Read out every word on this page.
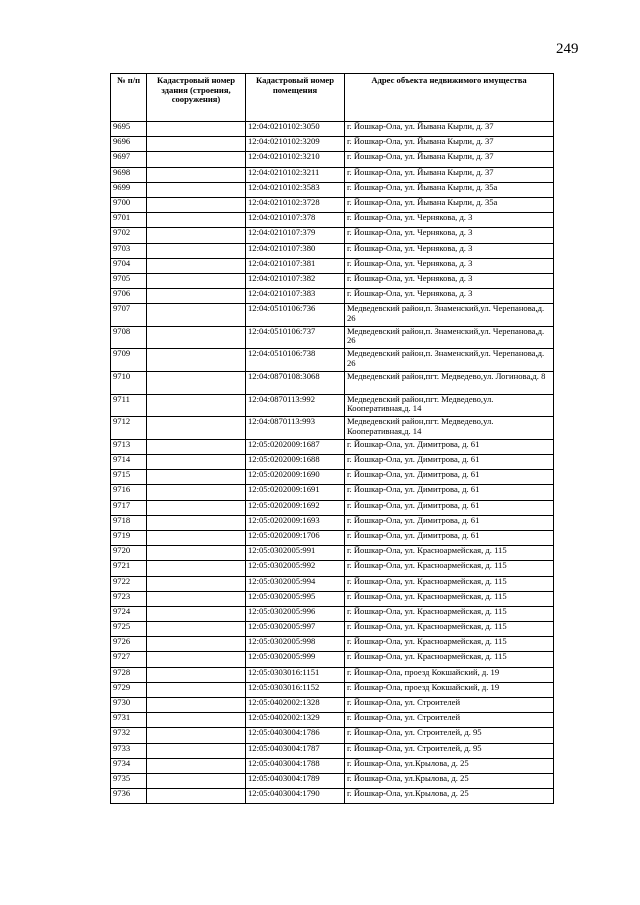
249
№ п/п	Кадастровый номер здания (строения, сооружения)	Кадастровый номер помещения	Адрес объекта недвижимого имущества
9695		12:04:0210102:3050	г. Йошкар-Ола, ул. Йывана Кырли, д. 37
9696		12:04:0210102:3209	г. Йошкар-Ола, ул. Йывана Кырли, д. 37
9697		12:04:0210102:3210	г. Йошкар-Ола, ул. Йывана Кырли, д. 37
9698		12:04:0210102:3211	г. Йошкар-Ола, ул. Йывана Кырли, д. 37
9699		12:04:0210102:3583	г. Йошкар-Ола, ул. Йывана Кырли, д. 35а
9700		12:04:0210102:3728	г. Йошкар-Ола, ул. Йывана Кырли, д. 35а
9701		12:04:0210107:378	г. Йошкар-Ола, ул. Чернякова, д. 3
9702		12:04:0210107:379	г. Йошкар-Ола, ул. Чернякова, д. 3
9703		12:04:0210107:380	г. Йошкар-Ола, ул. Чернякова, д. 3
9704		12:04:0210107:381	г. Йошкар-Ола, ул. Чернякова, д. 3
9705		12:04:0210107:382	г. Йошкар-Ола, ул. Чернякова, д. 3
9706		12:04:0210107:383	г. Йошкар-Ола, ул. Чернякова, д. 3
9707		12:04:0510106:736	Медведевский район,п. Знаменский,ул. Черепанова,д. 26
9708		12:04:0510106:737	Медведевский район,п. Знаменский,ул. Черепанова,д. 26
9709		12:04:0510106:738	Медведевский район,п. Знаменский,ул. Черепанова,д. 26
9710		12:04:0870108:3068	Медведевский район,пгт. Медведево,ул. Логинова,д. 8
9711		12:04:0870113:992	Медведевский район,пгт. Медведево,ул. Кооперативная,д. 14
9712		12:04:0870113:993	Медведевский район,пгт. Медведево,ул. Кооперативная,д. 14
9713		12:05:0202009:1687	г. Йошкар-Ола, ул. Димитрова, д. 61
9714		12:05:0202009:1688	г. Йошкар-Ола, ул. Димитрова, д. 61
9715		12:05:0202009:1690	г. Йошкар-Ола, ул. Димитрова, д. 61
9716		12:05:0202009:1691	г. Йошкар-Ола, ул. Димитрова, д. 61
9717		12:05:0202009:1692	г. Йошкар-Ола, ул. Димитрова, д. 61
9718		12:05:0202009:1693	г. Йошкар-Ола, ул. Димитрова, д. 61
9719		12:05:0202009:1706	г. Йошкар-Ола, ул. Димитрова, д. 61
9720		12:05:0302005:991	г. Йошкар-Ола, ул. Красноармейская, д. 115
9721		12:05:0302005:992	г. Йошкар-Ола, ул. Красноармейская, д. 115
9722		12:05:0302005:994	г. Йошкар-Ола, ул. Красноармейская, д. 115
9723		12:05:0302005:995	г. Йошкар-Ола, ул. Красноармейская, д. 115
9724		12:05:0302005:996	г. Йошкар-Ола, ул. Красноармейская, д. 115
9725		12:05:0302005:997	г. Йошкар-Ола, ул. Красноармейская, д. 115
9726		12:05:0302005:998	г. Йошкар-Ола, ул. Красноармейская, д. 115
9727		12:05:0302005:999	г. Йошкар-Ола, ул. Красноармейская, д. 115
9728		12:05:0303016:1151	г. Йошкар-Ола, проезд Кокшайский, д. 19
9729		12:05:0303016:1152	г. Йошкар-Ола, проезд Кокшайский, д. 19
9730		12:05:0402002:1328	г. Йошкар-Ола, ул. Строителей
9731		12:05:0402002:1329	г. Йошкар-Ола, ул. Строителей
9732		12:05:0403004:1786	г. Йошкар-Ола, ул. Строителей, д. 95
9733		12:05:0403004:1787	г. Йошкар-Ола, ул. Строителей, д. 95
9734		12:05:0403004:1788	г. Йошкар-Ола, ул.Крылова, д. 25
9735		12:05:0403004:1789	г. Йошкар-Ола, ул.Крылова, д. 25
9736		12:05:0403004:1790	г. Йошкар-Ола, ул.Крылова, д. 25
